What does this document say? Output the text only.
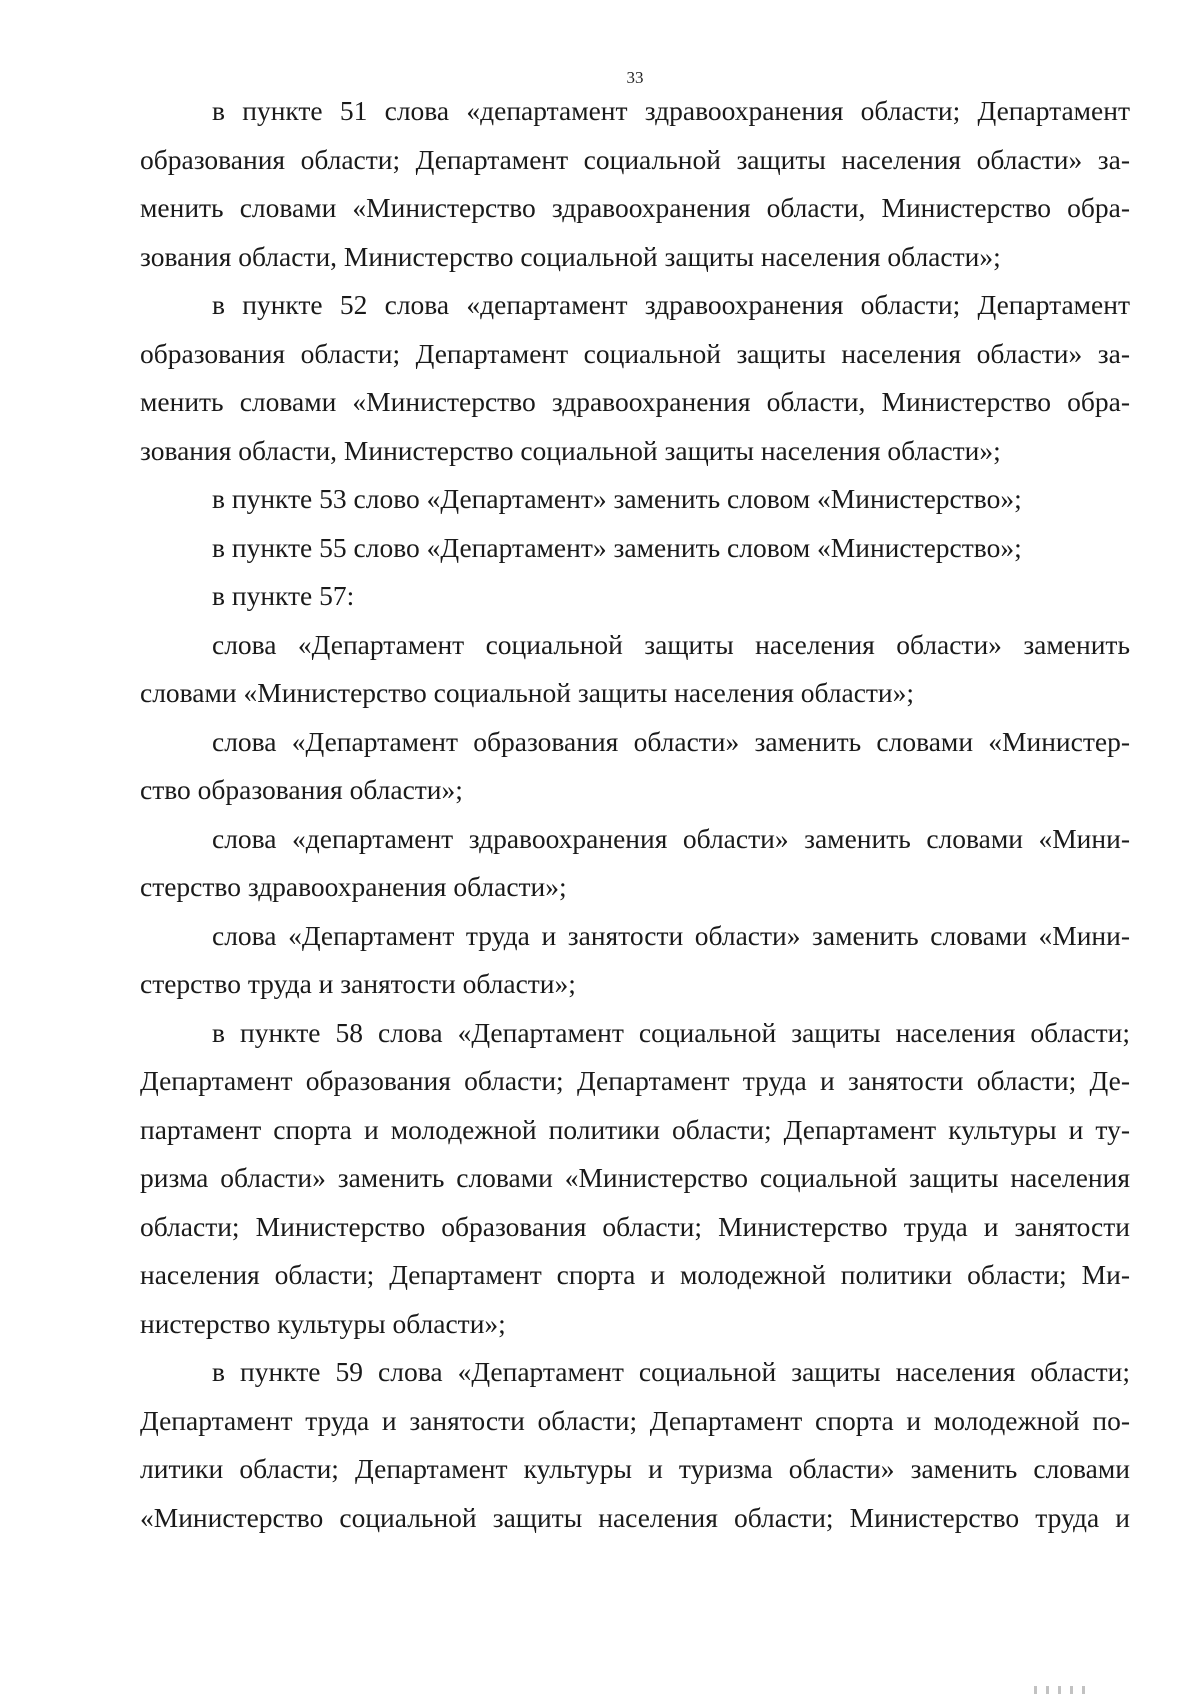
33
в пункте 51 слова «департамент здравоохранения области; Департамент
образования области; Департамент социальной защиты населения области» за-
менить словами «Министерство здравоохранения области, Министерство обра-
зования области, Министерство социальной защиты населения области»;
в пункте 52 слова «департамент здравоохранения области; Департамент
образования области; Департамент социальной защиты населения области» за-
менить словами «Министерство здравоохранения области, Министерство обра-
зования области, Министерство социальной защиты населения области»;
в пункте 53 слово «Департамент» заменить словом «Министерство»;
в пункте 55 слово «Департамент» заменить словом «Министерство»;
в пункте 57:
слова «Департамент социальной защиты населения области» заменить
словами «Министерство социальной защиты населения области»;
слова «Департамент образования области» заменить словами «Министер-
ство образования области»;
слова «департамент здравоохранения области» заменить словами «Мини-
стерство здравоохранения области»;
слова «Департамент труда и занятости области» заменить словами «Мини-
стерство труда и занятости области»;
в пункте 58 слова «Департамент социальной защиты населения области;
Департамент образования области; Департамент труда и занятости области; Де-
партамент спорта и молодежной политики области; Департамент культуры и ту-
ризма области» заменить словами «Министерство социальной защиты населения
области; Министерство образования области; Министерство труда и занятости
населения области; Департамент спорта и молодежной политики области; Ми-
нистерство культуры области»;
в пункте 59 слова «Департамент социальной защиты населения области;
Департамент труда и занятости области; Департамент спорта и молодежной по-
литики области; Департамент культуры и туризма области» заменить словами
«Министерство социальной защиты населения области; Министерство труда и
